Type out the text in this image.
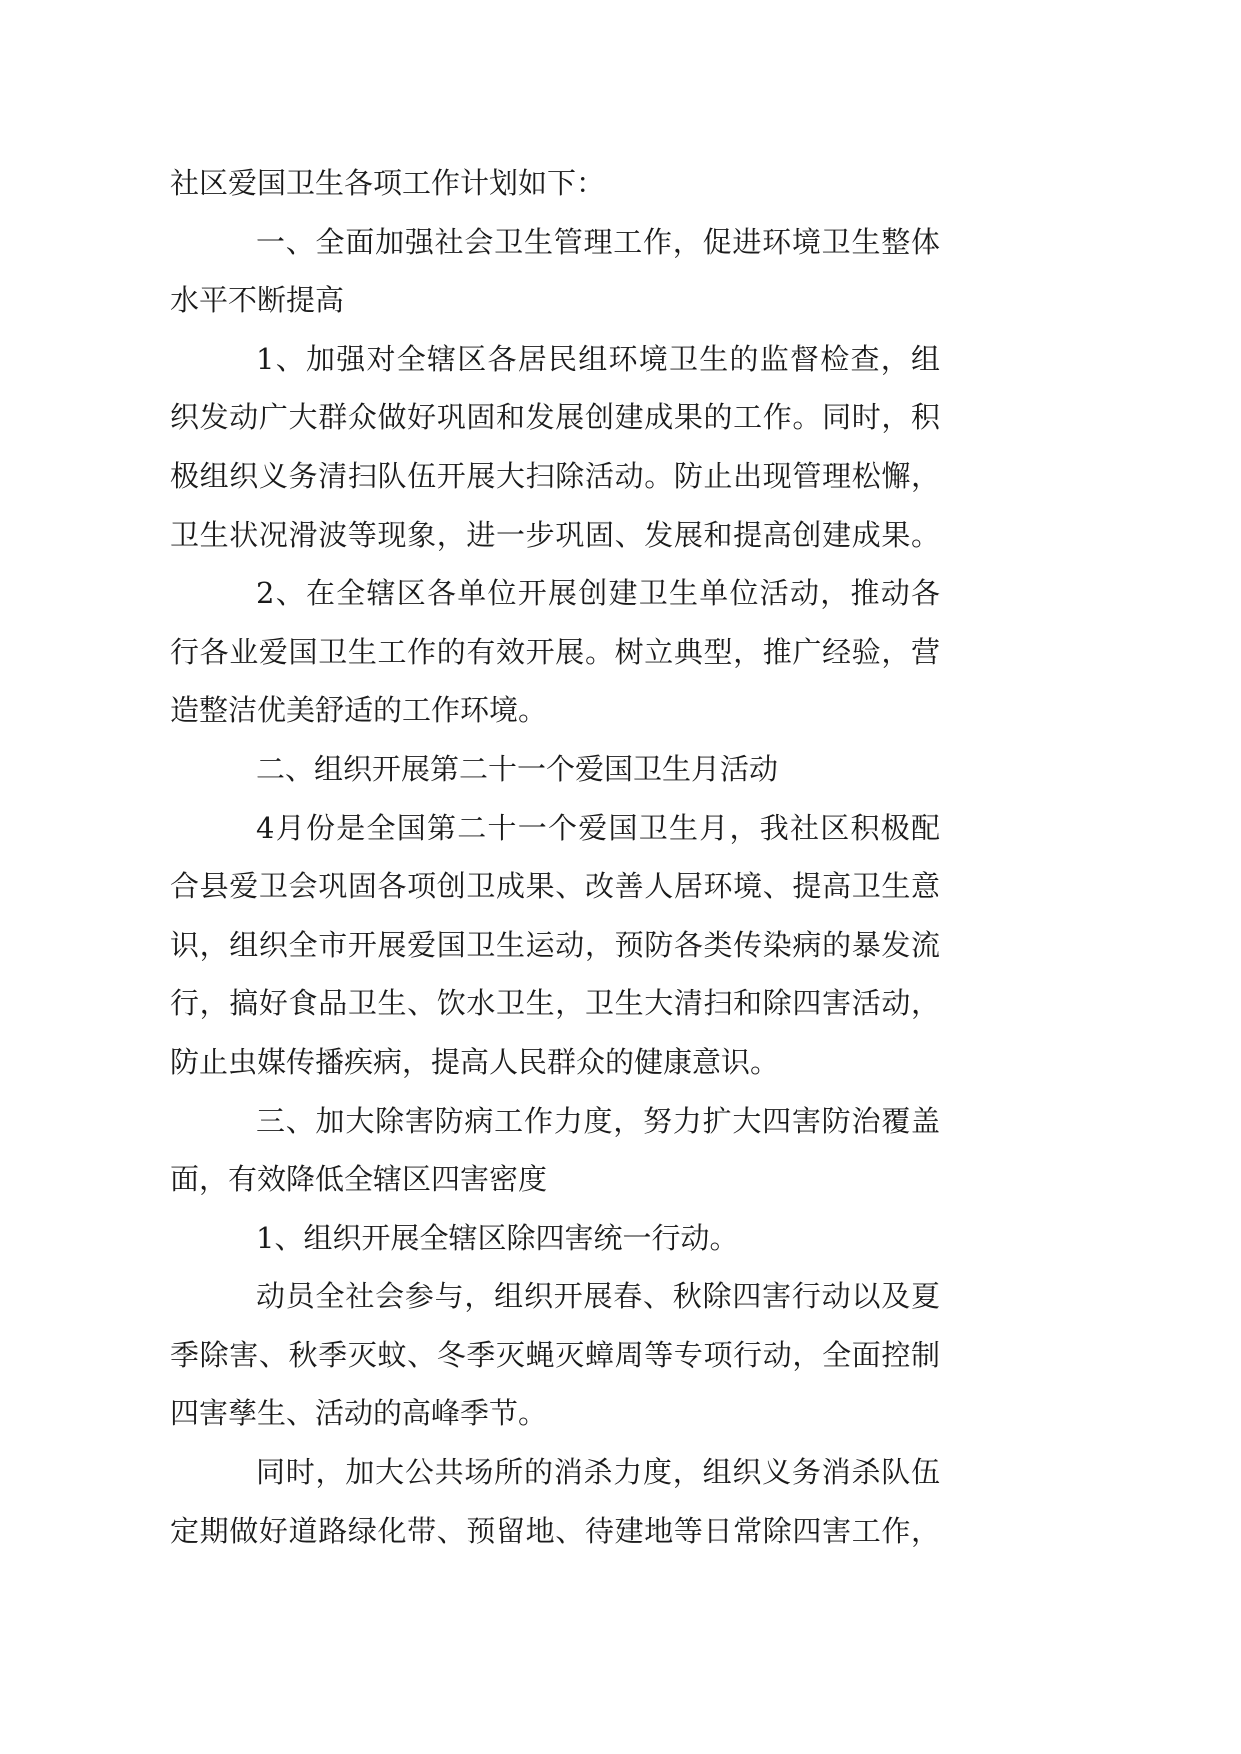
社区爱国卫生各项工作计划如下：
一、全面加强社会卫生管理工作，促进环境卫生整体
水平不断提高
1、加强对全辖区各居民组环境卫生的监督检查，组
织发动广大群众做好巩固和发展创建成果的工作。同时，积
极组织义务清扫队伍开展大扫除活动。防止出现管理松懈，
卫生状况滑波等现象，进一步巩固、发展和提高创建成果。
2、在全辖区各单位开展创建卫生单位活动，推动各
行各业爱国卫生工作的有效开展。树立典型，推广经验，营
造整洁优美舒适的工作环境。
二、组织开展第二十一个爱国卫生月活动
4月份是全国第二十一个爱国卫生月，我社区积极配
合县爱卫会巩固各项创卫成果、改善人居环境、提高卫生意
识，组织全市开展爱国卫生运动，预防各类传染病的暴发流
行，搞好食品卫生、饮水卫生，卫生大清扫和除四害活动，
防止虫媒传播疾病，提高人民群众的健康意识。
三、加大除害防病工作力度，努力扩大四害防治覆盖
面，有效降低全辖区四害密度
1、组织开展全辖区除四害统一行动。
动员全社会参与，组织开展春、秋除四害行动以及夏
季除害、秋季灭蚊、冬季灭蝇灭蟑周等专项行动，全面控制
四害孳生、活动的高峰季节。
同时，加大公共场所的消杀力度，组织义务消杀队伍
定期做好道路绿化带、预留地、待建地等日常除四害工作，
